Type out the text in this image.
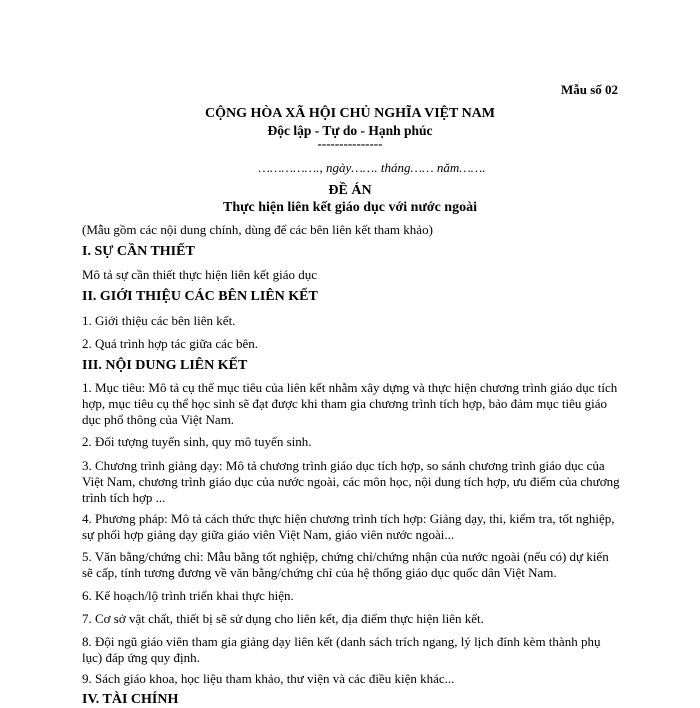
Mẫu số 02
CỘNG HÒA XÃ HỘI CHỦ NGHĨA VIỆT NAM
Độc lập - Tự do - Hạnh phúc
---------------
……………., ngày……. tháng…… năm…….
ĐỀ ÁN
Thực hiện liên kết giáo dục với nước ngoài
(Mẫu gồm các nội dung chính, dùng để các bên liên kết tham khảo)
I. SỰ CẦN THIẾT
Mô tả sự cần thiết thực hiện liên kết giáo dục
II. GIỚI THIỆU CÁC BÊN LIÊN KẾT
1. Giới thiệu các bên liên kết.
2. Quá trình hợp tác giữa các bên.
III. NỘI DUNG LIÊN KẾT
1. Mục tiêu: Mô tả cụ thể mục tiêu của liên kết nhằm xây dựng và thực hiện chương trình giáo dục tích hợp, mục tiêu cụ thể học sinh sẽ đạt được khi tham gia chương trình tích hợp, bảo đảm mục tiêu giáo dục phổ thông của Việt Nam.
2. Đối tượng tuyển sinh, quy mô tuyển sinh.
3. Chương trình giảng dạy: Mô tả chương trình giáo dục tích hợp, so sánh chương trình giáo dục của Việt Nam, chương trình giáo dục của nước ngoài, các môn học, nội dung tích hợp, ưu điểm của chương trình tích hợp ...
4. Phương pháp: Mô tả cách thức thực hiện chương trình tích hợp: Giảng dạy, thi, kiểm tra, tốt nghiệp, sự phối hợp giảng dạy giữa giáo viên Việt Nam, giáo viên nước ngoài...
5. Văn bằng/chứng chỉ: Mẫu bằng tốt nghiệp, chứng chỉ/chứng nhận của nước ngoài (nếu có) dự kiến sẽ cấp, tính tương đương về văn bằng/chứng chỉ của hệ thống giáo dục quốc dân Việt Nam.
6. Kế hoạch/lộ trình triển khai thực hiện.
7. Cơ sở vật chất, thiết bị sẽ sử dụng cho liên kết, địa điểm thực hiện liên kết.
8. Đội ngũ giáo viên tham gia giảng dạy liên kết (danh sách trích ngang, lý lịch đính kèm thành phụ lục) đáp ứng quy định.
9. Sách giáo khoa, học liệu tham khảo, thư viện và các điều kiện khác...
IV. TÀI CHÍNH
